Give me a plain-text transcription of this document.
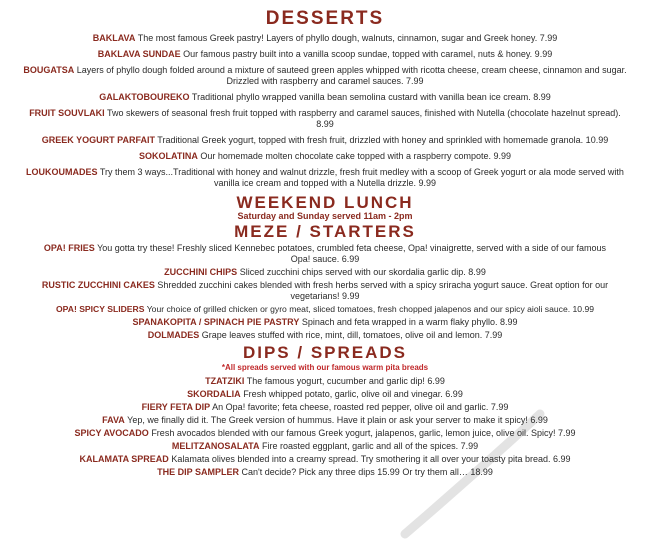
DESSERTS
BAKLAVA The most famous Greek pastry! Layers of phyllo dough, walnuts, cinnamon, sugar and Greek honey. 7.99
BAKLAVA SUNDAE Our famous pastry built into a vanilla scoop sundae, topped with caramel, nuts & honey. 9.99
BOUGATSA Layers of phyllo dough folded around a mixture of sauteed green apples whipped with ricotta cheese, cream cheese, cinnamon and sugar. Drizzled with raspberry and caramel sauces. 7.99
GALAKTOBOUREKO Traditional phyllo wrapped vanilla bean semolina custard with vanilla bean ice cream. 8.99
FRUIT SOUVLAKI Two skewers of seasonal fresh fruit topped with raspberry and caramel sauces, finished with Nutella (chocolate hazelnut spread). 8.99
GREEK YOGURT PARFAIT Traditional Greek yogurt, topped with fresh fruit, drizzled with honey and sprinkled with homemade granola. 10.99
SOKOLATINA Our homemade molten chocolate cake topped with a raspberry compote. 9.99
LOUKOUMADES Try them 3 ways...Traditional with honey and walnut drizzle, fresh fruit medley with a scoop of Greek yogurt or ala mode served with vanilla ice cream and topped with a Nutella drizzle. 9.99
WEEKEND LUNCH
Saturday and Sunday served 11am - 2pm
MEZE / STARTERS
OPA! FRIES You gotta try these! Freshly sliced Kennebec potatoes, crumbled feta cheese, Opa! vinaigrette, served with a side of our famous Opa! sauce. 6.99
ZUCCHINI CHIPS Sliced zucchini chips served with our skordalia garlic dip. 8.99
RUSTIC ZUCCHINI CAKES Shredded zucchini cakes blended with fresh herbs served with a spicy sriracha yogurt sauce. Great option for our vegetarians! 9.99
OPA! SPICY SLIDERS Your choice of grilled chicken or gyro meat, sliced tomatoes, fresh chopped jalapenos and our spicy aioli sauce. 10.99
SPANAKOPITA / SPINACH PIE PASTRY Spinach and feta wrapped in a warm flaky phyllo. 8.99
DOLMADES Grape leaves stuffed with rice, mint, dill, tomatoes, olive oil and lemon. 7.99
DIPS / SPREADS
*All spreads served with our famous warm pita breads
TZATZIKI The famous yogurt, cucumber and garlic dip! 6.99
SKORDALIA Fresh whipped potato, garlic, olive oil and vinegar. 6.99
FIERY FETA DIP An Opa! favorite; feta cheese, roasted red pepper, olive oil and garlic. 7.99
FAVA Yep, we finally did it. The Greek version of hummus. Have it plain or ask your server to make it spicy! 6.99
SPICY AVOCADO Fresh avocados blended with our famous Greek yogurt, jalapenos, garlic, lemon juice, olive oil. Spicy! 7.99
MELITZANOSALATA Fire roasted eggplant, garlic and all of the spices. 7.99
KALAMATA SPREAD Kalamata olives blended into a creamy spread. Try smothering it all over your toasty pita bread. 6.99
THE DIP SAMPLER Can't decide? Pick any three dips 15.99 Or try them all… 18.99
